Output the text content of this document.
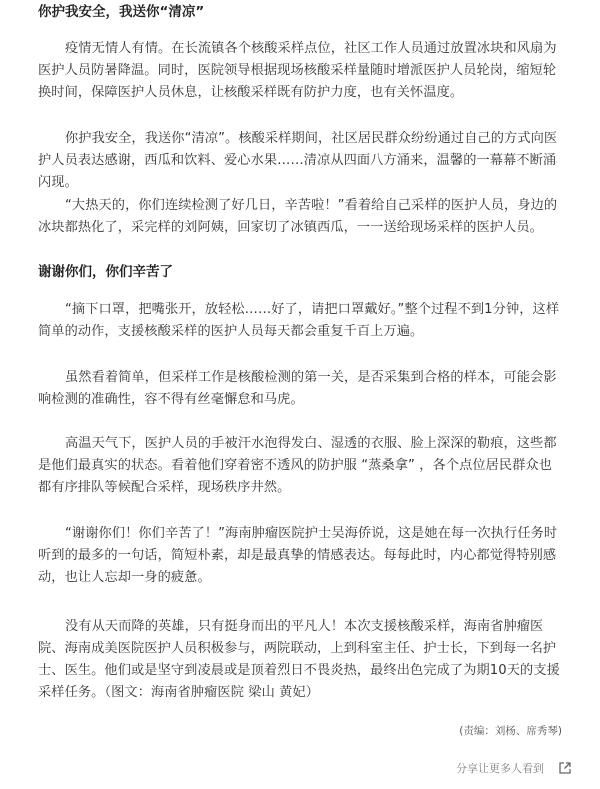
你护我安全，我送你“清凉”

疫情无情人有情。在长流镇各个核酸采样点位，社区工作人员通过放置冰块和风扇为医护人员防暑降温。同时，医院领导根据现场核酸采样量随时增派医护人员轮岗，缩短轮换时间，保障医护人员休息，让核酸采样既有防护力度，也有关怀温度。

你护我安全，我送你“清凉”。核酸采样期间，社区居民群众纷纷通过自己的方式向医护人员表达感谢，西瓜和饮料、爱心水果……清凉从四面八方涌来，温馨的一幕幕不断涌闪现。

“大热天的，你们连续检测了好几日，辛苦啦！”看着给自己采样的医护人员，身边的冰块都热化了，采完样的刘阿姨，回家切了冰镇西瓜，一一送给现场采样的医护人员。

谢谢你们，你们辛苦了

“摘下口罩，把嘴张开，放轻松……好了，请把口罩戴好。”整个过程不到1分钟，这样简单的动作，支援核酸采样的医护人员每天都会重复千百上万遍。

虽然看着简单，但采样工作是核酸检测的第一关，是否采集到合格的样本，可能会影响检测的准确性，容不得有丝毫懈怠和马虎。

高温天气下，医护人员的手被汗水泡得发白、湿透的衣服、脸上深深的勒痕，这些都是他们最真实的状态。看着他们穿着密不透风的防护服 “蒸桑拿” ，各个点位居民群众也都有序排队等候配合采样，现场秩序井然。

“谢谢你们！你们辛苦了！”海南肿瘤医院护士吴海侨说，这是她在每一次执行任务时听到的最多的一句话，简短朴素，却是最真挚的情感表达。每每此时，内心都觉得特别感动，也让人忘却一身的疲惫。

没有从天而降的英雄，只有挺身而出的平凡人！本次支援核酸采样，海南省肿瘤医院、海南成美医院医护人员积极参与，两院联动，上到科室主任、护士长，下到每一名护士、医生。他们或是坚守到凌晨或是顶着烈日不畏炎热，最终出色完成了为期10天的支援采样任务。（图文：海南省肿瘤医院 梁山 黄妃）

(责编：刘杨、席秀琴)
分享让更多人看到
